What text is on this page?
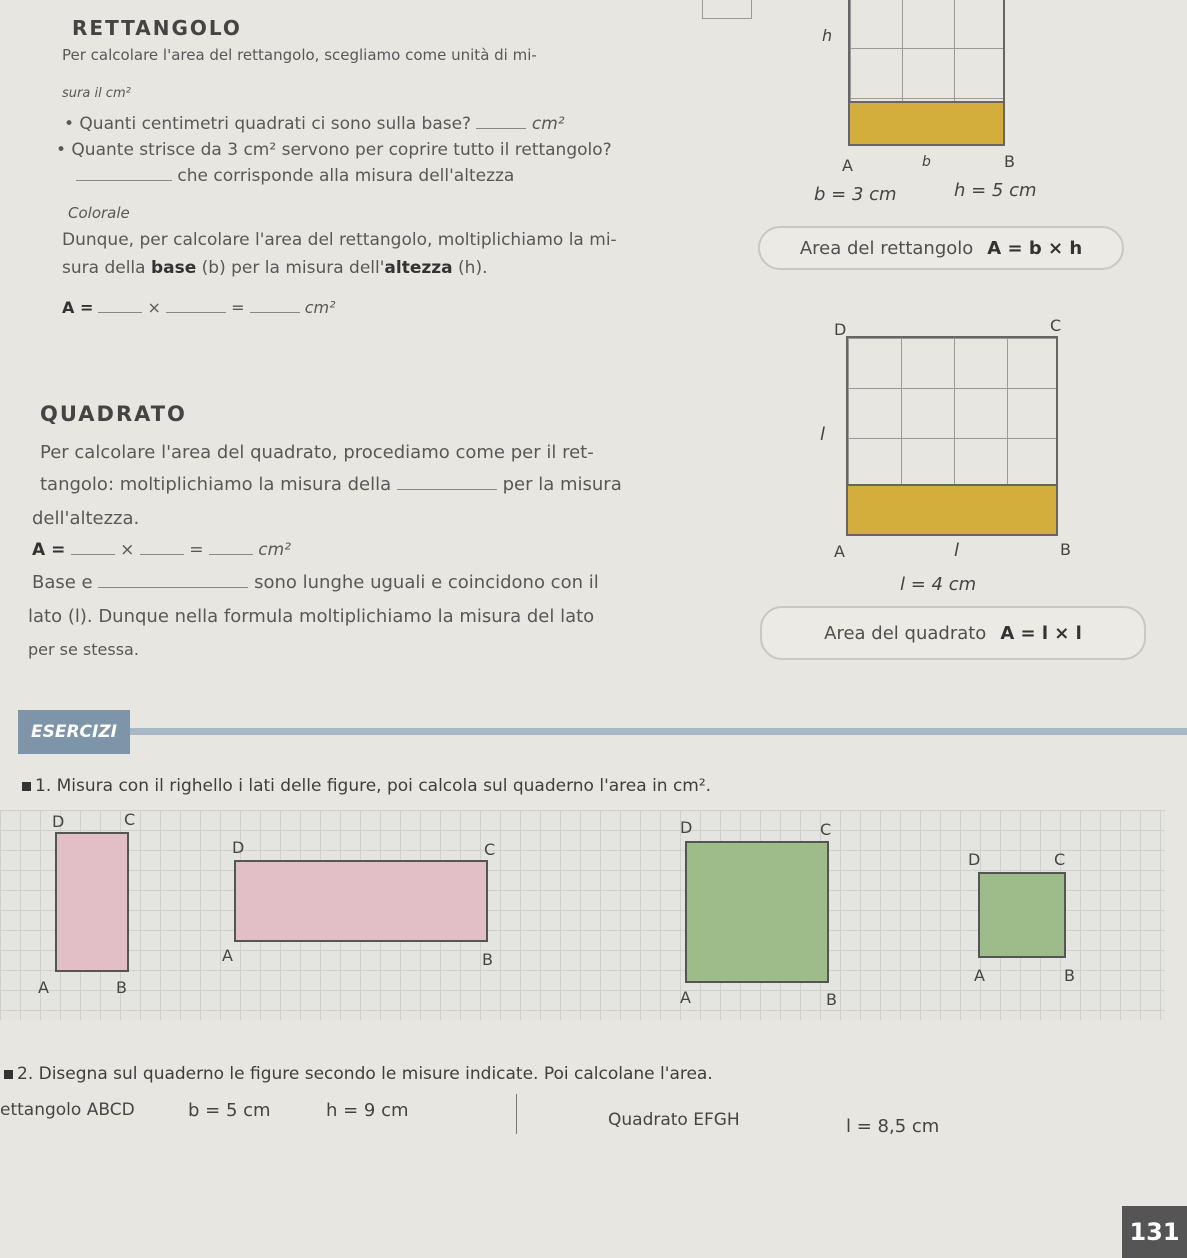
RETTANGOLO
Per calcolare l'area del rettangolo, scegliamo come unità di mi-
sura il cm²
• Quanti centimetri quadrati ci sono sulla base?	cm²
• Quante strisce da 3 cm² servono per coprire tutto il rettangolo?
che corrisponde alla misura dell'altezza
Colorale
Dunque, per calcolare l'area del rettangolo, moltiplichiamo la mi-
sura della base (b) per la misura dell'altezza (h).
A =	×	=	cm²
h
A	b	B
b = 3 cm	h = 5 cm
Area del rettangolo A = b × h
QUADRATO
Per calcolare l'area del quadrato, procediamo come per il ret-
tangolo: moltiplichiamo la misura della	per la misura
dell'altezza.
A =	×	=	cm²
Base e	sono lunghe uguali e coincidono con il
lato (l). Dunque nella formula moltiplichiamo la misura del lato
per se stessa.
D	C
l
A	l	B
l = 4 cm
Area del quadrato A = l × l
ESERCIZI
1. Misura con il righello i lati delle figure, poi calcola sul quaderno l'area in cm².
D	C
A	B
D	C
A	B
D	C
A	B
D	C
A	B
2. Disegna sul quaderno le figure secondo le misure indicate. Poi calcolane l'area.
ettangolo ABCD	b = 5 cm	h = 9 cm	Quadrato EFGH	l = 8,5 cm
131
